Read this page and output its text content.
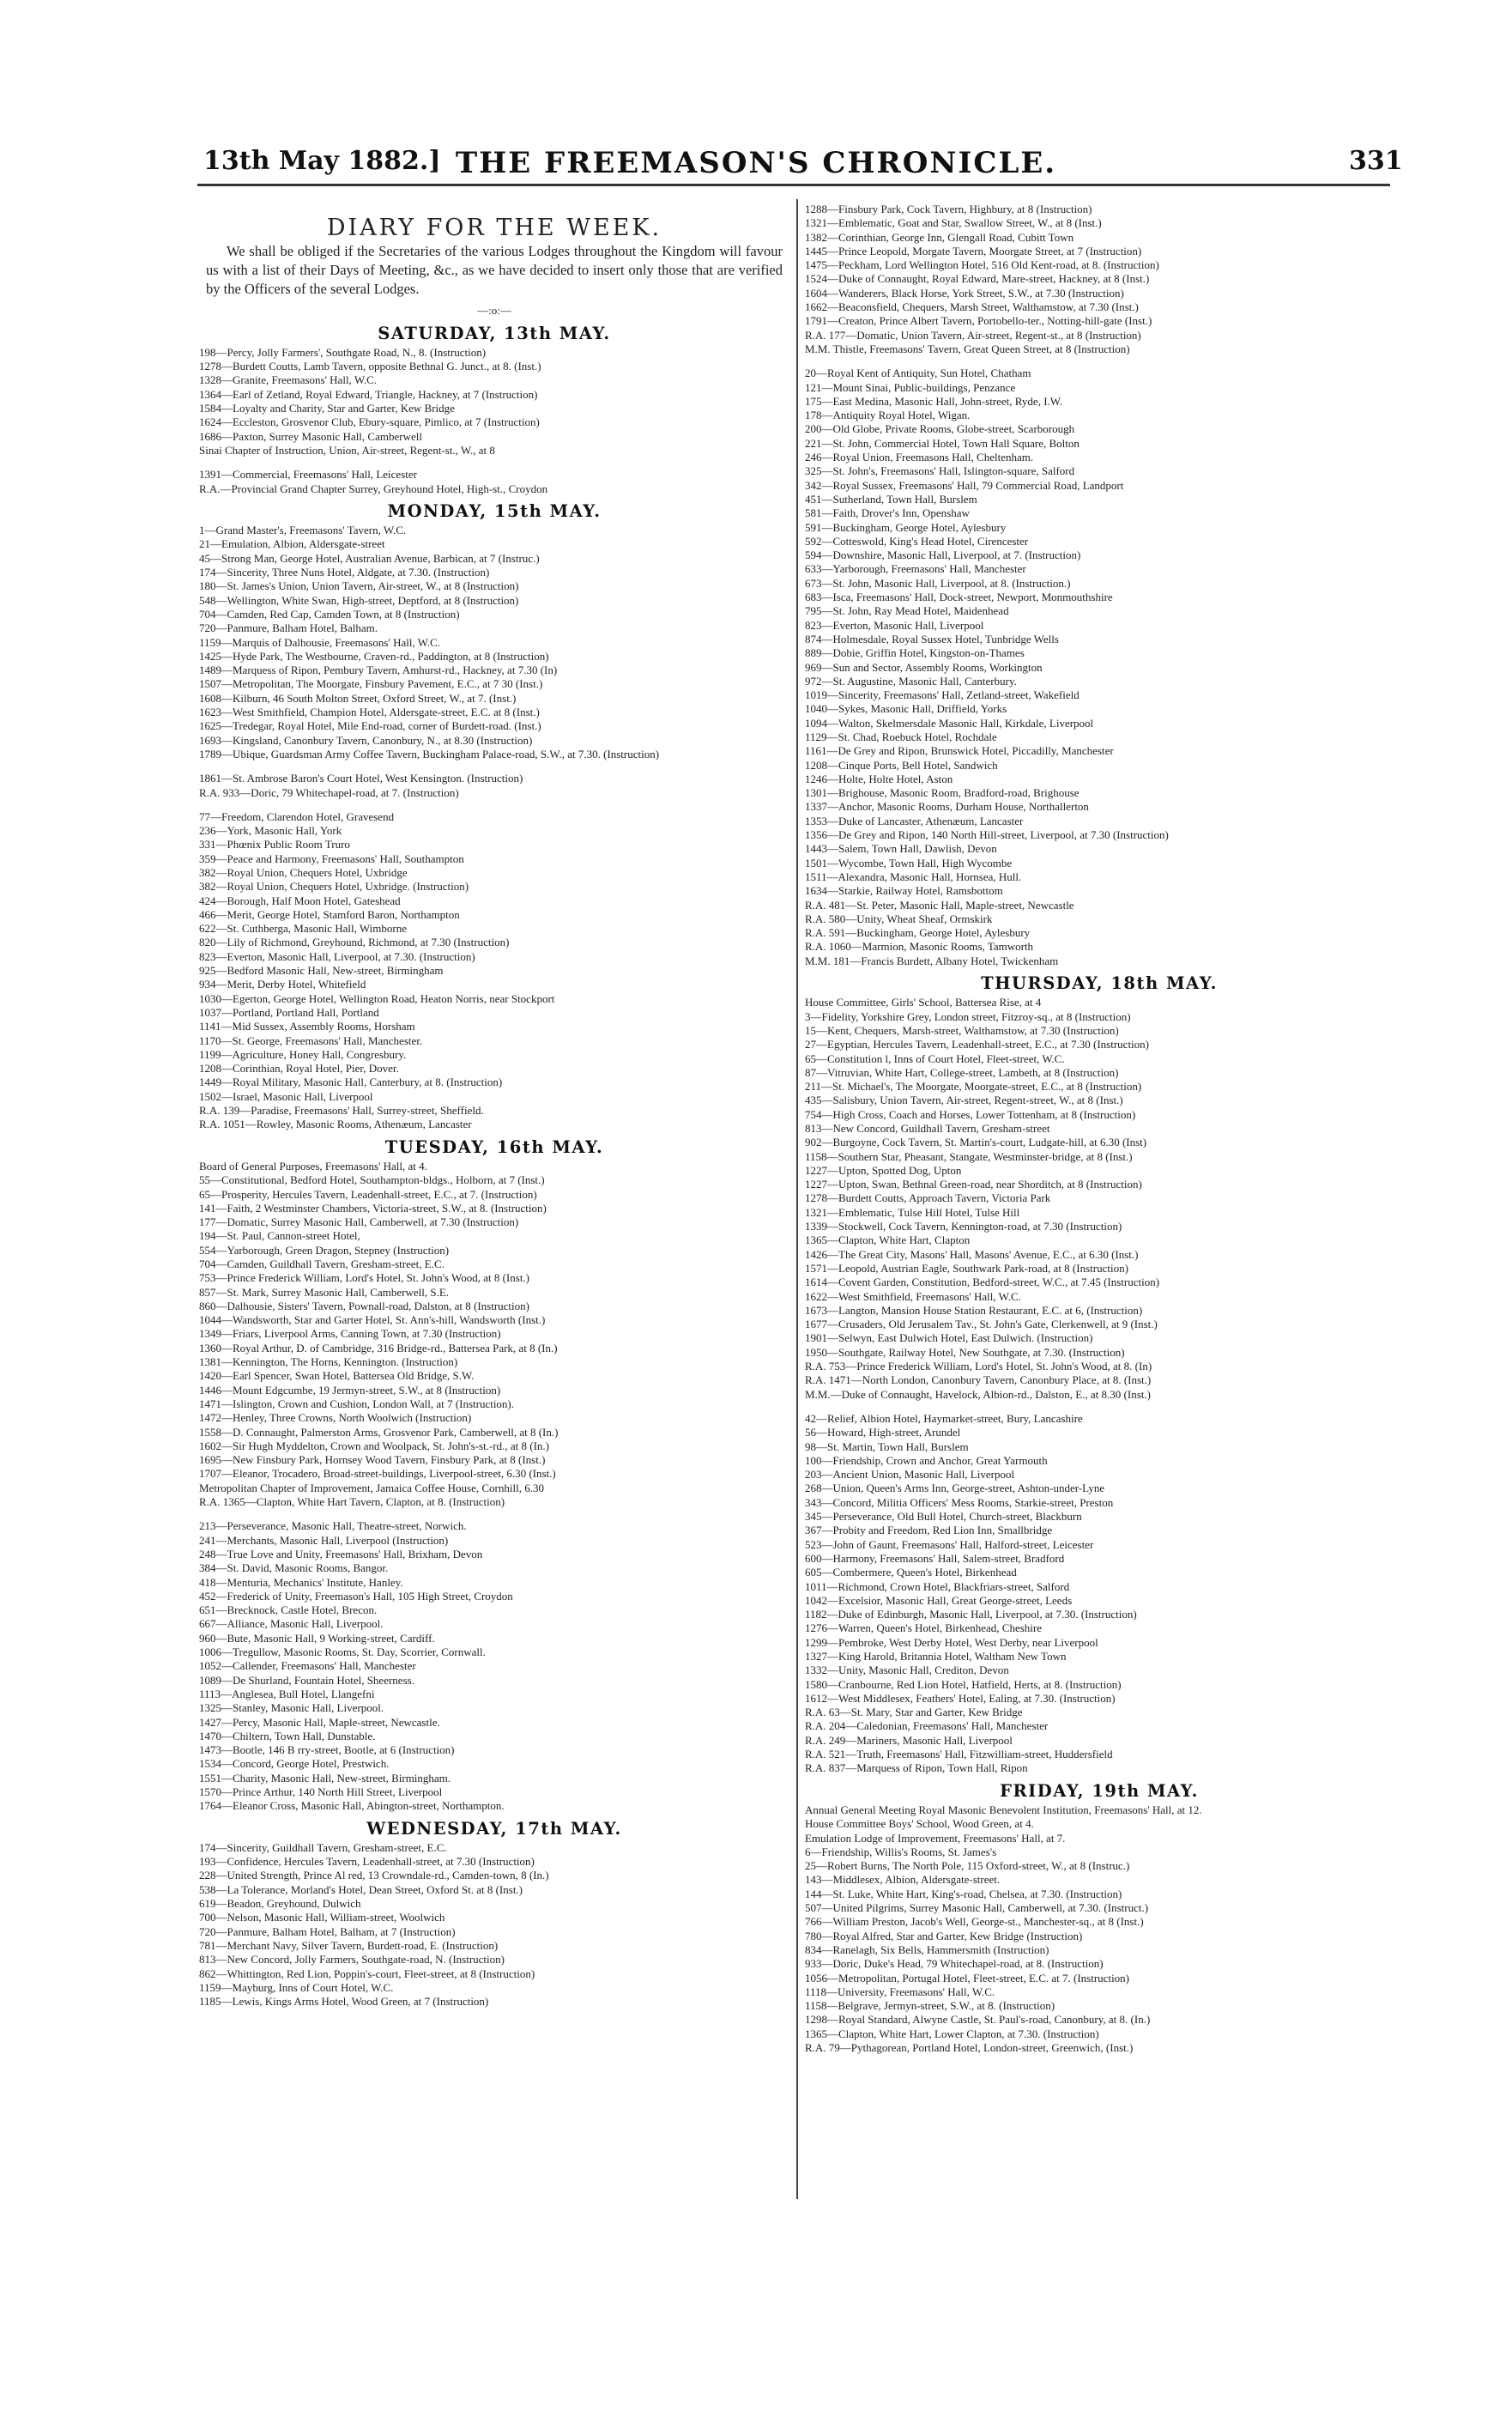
13th May 1882.] THE FREEMASON'S CHRONICLE.	331
DIARY FOR THE WEEK.
We shall be obliged if the Secretaries of the various Lodges throughout the Kingdom will favour us with a list of their Days of Meeting, &c., as we have decided to insert only those that are verified by the Officers of the several Lodges.
—:o:—
SATURDAY, 13th MAY.
198—Percy, Jolly Farmers', Southgate Road, N., 8. (Instruction)
1278—Burdett Coutts, Lamb Tavern, opposite Bethnal G. Junct., at 8. (Inst.)
1328—Granite, Freemasons' Hall, W.C.
1364—Earl of Zetland, Royal Edward, Triangle, Hackney, at 7 (Instruction)
1584—Loyalty and Charity, Star and Garter, Kew Bridge
1624—Eccleston, Grosvenor Club, Ebury-square, Pimlico, at 7 (Instruction)
1686—Paxton, Surrey Masonic Hall, Camberwell
Sinai Chapter of Instruction, Union, Air-street, Regent-st., W., at 8
1391—Commercial, Freemasons' Hall, Leicester
R.A.—Provincial Grand Chapter Surrey, Greyhound Hotel, High-st., Croydon
MONDAY, 15th MAY.
1—Grand Master's, Freemasons' Tavern, W.C.
21—Emulation, Albion, Aldersgate-street
45—Strong Man, George Hotel, Australian Avenue, Barbican, at 7 (Instruc.)
174—Sincerity, Three Nuns Hotel, Aldgate, at 7.30. (Instruction)
180—St. James's Union, Union Tavern, Air-street, W., at 8 (Instruction)
548—Wellington, White Swan, High-street, Deptford, at 8 (Instruction)
704—Camden, Red Cap, Camden Town, at 8 (Instruction)
720—Panmure, Balham Hotel, Balham.
1159—Marquis of Dalhousie, Freemasons' Hall, W.C.
1425—Hyde Park, The Westbourne, Craven-rd., Paddington, at 8 (Instruction)
1489—Marquess of Ripon, Pembury Tavern, Amhurst-rd., Hackney, at 7.30 (In)
1507—Metropolitan, The Moorgate, Finsbury Pavement, E.C., at 7 30 (Inst.)
1608—Kilburn, 46 South Molton Street, Oxford Street, W., at 7. (Inst.)
1623—West Smithfield, Champion Hotel, Aldersgate-street, E.C. at 8 (Inst.)
1625—Tredegar, Royal Hotel, Mile End-road, corner of Burdett-road. (Inst.)
1693—Kingsland, Canonbury Tavern, Canonbury, N., at 8.30 (Instruction)
1789—Ubique, Guardsman Army Coffee Tavern, Buckingham Palace-road, S.W., at 7.30. (Instruction)
1861—St. Ambrose Baron's Court Hotel, West Kensington. (Instruction)
R.A. 933—Doric, 79 Whitechapel-road, at 7. (Instruction)
77—Freedom, Clarendon Hotel, Gravesend
236—York, Masonic Hall, York
331—Phœnix Public Room Truro
359—Peace and Harmony, Freemasons' Hall, Southampton
382—Royal Union, Chequers Hotel, Uxbridge
382—Royal Union, Chequers Hotel, Uxbridge. (Instruction)
424—Borough, Half Moon Hotel, Gateshead
466—Merit, George Hotel, Stamford Baron, Northampton
622—St. Cuthberga, Masonic Hall, Wimborne
820—Lily of Richmond, Greyhound, Richmond, at 7.30 (Instruction)
823—Everton, Masonic Hall, Liverpool, at 7.30. (Instruction)
925—Bedford Masonic Hall, New-street, Birmingham
934—Merit, Derby Hotel, Whitefield
1030—Egerton, George Hotel, Wellington Road, Heaton Norris, near Stockport
1037—Portland, Portland Hall, Portland
1141—Mid Sussex, Assembly Rooms, Horsham
1170—St. George, Freemasons' Hall, Manchester.
1199—Agriculture, Honey Hall, Congresbury.
1208—Corinthian, Royal Hotel, Pier, Dover.
1449—Royal Military, Masonic Hall, Canterbury, at 8. (Instruction)
1502—Israel, Masonic Hall, Liverpool
R.A. 139—Paradise, Freemasons' Hall, Surrey-street, Sheffield.
R.A. 1051—Rowley, Masonic Rooms, Athenæum, Lancaster
TUESDAY, 16th MAY.
Board of General Purposes, Freemasons' Hall, at 4.
55—Constitutional, Bedford Hotel, Southampton-bldgs., Holborn, at 7 (Inst.)
65—Prosperity, Hercules Tavern, Leadenhall-street, E.C., at 7. (Instruction)
141—Faith, 2 Westminster Chambers, Victoria-street, S.W., at 8. (Instruction)
177—Domatic, Surrey Masonic Hall, Camberwell, at 7.30 (Instruction)
194—St. Paul, Cannon-street Hotel,
554—Yarborough, Green Dragon, Stepney (Instruction)
704—Camden, Guildhall Tavern, Gresham-street, E.C.
753—Prince Frederick William, Lord's Hotel, St. John's Wood, at 8 (Inst.)
857—St. Mark, Surrey Masonic Hall, Camberwell, S.E.
860—Dalhousie, Sisters' Tavern, Pownall-road, Dalston, at 8 (Instruction)
1044—Wandsworth, Star and Garter Hotel, St. Ann's-hill, Wandsworth (Inst.)
1349—Friars, Liverpool Arms, Canning Town, at 7.30 (Instruction)
1360—Royal Arthur, D. of Cambridge, 316 Bridge-rd., Battersea Park, at 8 (In.)
1381—Kennington, The Horns, Kennington. (Instruction)
1420—Earl Spencer, Swan Hotel, Battersea Old Bridge, S.W.
1446—Mount Edgcumbe, 19 Jermyn-street, S.W., at 8 (Instruction)
1471—Islington, Crown and Cushion, London Wall, at 7 (Instruction).
1472—Henley, Three Crowns, North Woolwich (Instruction)
1558—D. Connaught, Palmerston Arms, Grosvenor Park, Camberwell, at 8 (In.)
1602—Sir Hugh Myddelton, Crown and Woolpack, St. John's-st.-rd., at 8 (In.)
1695—New Finsbury Park, Hornsey Wood Tavern, Finsbury Park, at 8 (Inst.)
1707—Eleanor, Trocadero, Broad-street-buildings, Liverpool-street, 6.30 (Inst.)
Metropolitan Chapter of Improvement, Jamaica Coffee House, Cornhill, 6.30
R.A. 1365—Clapton, White Hart Tavern, Clapton, at 8. (Instruction)
213—Perseverance, Masonic Hall, Theatre-street, Norwich.
241—Merchants, Masonic Hall, Liverpool (Instruction)
248—True Love and Unity, Freemasons' Hall, Brixham, Devon
384—St. David, Masonic Rooms, Bangor.
418—Menturia, Mechanics' Institute, Hanley.
452—Frederick of Unity, Freemason's Hall, 105 High Street, Croydon
651—Brecknock, Castle Hotel, Brecon.
667—Alliance, Masonic Hall, Liverpool.
960—Bute, Masonic Hall, 9 Working-street, Cardiff.
1006—Tregullow, Masonic Rooms, St. Day, Scorrier, Cornwall.
1052—Callender, Freemasons' Hall, Manchester
1089—De Shurland, Fountain Hotel, Sheerness.
1113—Anglesea, Bull Hotel, Llangefni
1325—Stanley, Masonic Hall, Liverpool.
1427—Percy, Masonic Hall, Maple-street, Newcastle.
1470—Chiltern, Town Hall, Dunstable.
1473—Bootle, 146 B rry-street, Bootle, at 6 (Instruction)
1534—Concord, George Hotel, Prestwich.
1551—Charity, Masonic Hall, New-street, Birmingham.
1570—Prince Arthur, 140 North Hill Street, Liverpool
1764—Eleanor Cross, Masonic Hall, Abington-street, Northampton.
WEDNESDAY, 17th MAY.
174—Sincerity, Guildhall Tavern, Gresham-street, E.C.
193—Confidence, Hercules Tavern, Leadenhall-street, at 7.30 (Instruction)
228—United Strength, Prince Al red, 13 Crowndale-rd., Camden-town, 8 (In.)
538—La Tolerance, Morland's Hotel, Dean Street, Oxford St. at 8 (Inst.)
619—Beadon, Greyhound, Dulwich
700—Nelson, Masonic Hall, William-street, Woolwich
720—Panmure, Balham Hotel, Balham, at 7 (Instruction)
781—Merchant Navy, Silver Tavern, Burdett-road, E. (Instruction)
813—New Concord, Jolly Farmers, Southgate-road, N. (Instruction)
862—Whittington, Red Lion, Poppin's-court, Fleet-street, at 8 (Instruction)
1159—Mayburg, Inns of Court Hotel, W.C.
1185—Lewis, Kings Arms Hotel, Wood Green, at 7 (Instruction)
1288—Finsbury Park, Cock Tavern, Highbury, at 8 (Instruction)
1321—Emblematic, Goat and Star, Swallow Street, W., at 8 (Inst.)
1382—Corinthian, George Inn, Glengall Road, Cubitt Town
1445—Prince Leopold, Morgate Tavern, Moorgate Street, at 7 (Instruction)
1475—Peckham, Lord Wellington Hotel, 516 Old Kent-road, at 8. (Instruction)
1524—Duke of Connaught, Royal Edward, Mare-street, Hackney, at 8 (Inst.)
1604—Wanderers, Black Horse, York Street, S.W., at 7.30 (Instruction)
1662—Beaconsfield, Chequers, Marsh Street, Walthamstow, at 7.30 (Inst.)
1791—Creaton, Prince Albert Tavern, Portobello-ter., Notting-hill-gate (Inst.)
R.A. 177—Domatic, Union Tavern, Air-street, Regent-st., at 8 (Instruction)
M.M. Thistle, Freemasons' Tavern, Great Queen Street, at 8 (Instruction)
20—Royal Kent of Antiquity, Sun Hotel, Chatham
121—Mount Sinai, Public-buildings, Penzance
175—East Medina, Masonic Hall, John-street, Ryde, I.W.
178—Antiquity Royal Hotel, Wigan.
200—Old Globe, Private Rooms, Globe-street, Scarborough
221—St. John, Commercial Hotel, Town Hall Square, Bolton
246—Royal Union, Freemasons Hall, Cheltenham.
325—St. John's, Freemasons' Hall, Islington-square, Salford
342—Royal Sussex, Freemasons' Hall, 79 Commercial Road, Landport
451—Sutherland, Town Hall, Burslem
581—Faith, Drover's Inn, Openshaw
591—Buckingham, George Hotel, Aylesbury
592—Cotteswold, King's Head Hotel, Cirencester
594—Downshire, Masonic Hall, Liverpool, at 7. (Instruction)
633—Yarborough, Freemasons' Hall, Manchester
673—St. John, Masonic Hall, Liverpool, at 8. (Instruction.)
683—Isca, Freemasons' Hall, Dock-street, Newport, Monmouthshire
795—St. John, Ray Mead Hotel, Maidenhead
823—Everton, Masonic Hall, Liverpool
874—Holmesdale, Royal Sussex Hotel, Tunbridge Wells
889—Dobie, Griffin Hotel, Kingston-on-Thames
969—Sun and Sector, Assembly Rooms, Workington
972—St. Augustine, Masonic Hall, Canterbury.
1019—Sincerity, Freemasons' Hall, Zetland-street, Wakefield
1040—Sykes, Masonic Hall, Driffield, Yorks
1094—Walton, Skelmersdale Masonic Hall, Kirkdale, Liverpool
1129—St. Chad, Roebuck Hotel, Rochdale
1161—De Grey and Ripon, Brunswick Hotel, Piccadilly, Manchester
1208—Cinque Ports, Bell Hotel, Sandwich
1246—Holte, Holte Hotel, Aston
1301—Brighouse, Masonic Room, Bradford-road, Brighouse
1337—Anchor, Masonic Rooms, Durham House, Northallerton
1353—Duke of Lancaster, Athenæum, Lancaster
1356—De Grey and Ripon, 140 North Hill-street, Liverpool, at 7.30 (Instruction)
1443—Salem, Town Hall, Dawlish, Devon
1501—Wycombe, Town Hall, High Wycombe
1511—Alexandra, Masonic Hall, Hornsea, Hull.
1634—Starkie, Railway Hotel, Ramsbottom
R.A. 481—St. Peter, Masonic Hall, Maple-street, Newcastle
R.A. 580—Unity, Wheat Sheaf, Ormskirk
R.A. 591—Buckingham, George Hotel, Aylesbury
R.A. 1060—Marmion, Masonic Rooms, Tamworth
M.M. 181—Francis Burdett, Albany Hotel, Twickenham
THURSDAY, 18th MAY.
House Committee, Girls' School, Battersea Rise, at 4
3—Fidelity, Yorkshire Grey, London street, Fitzroy-sq., at 8 (Instruction)
15—Kent, Chequers, Marsh-street, Walthamstow, at 7.30 (Instruction)
27—Egyptian, Hercules Tavern, Leadenhall-street, E.C., at 7.30 (Instruction)
65—Constitution l, Inns of Court Hotel, Fleet-street, W.C.
87—Vitruvian, White Hart, College-street, Lambeth, at 8 (Instruction)
211—St. Michael's, The Moorgate, Moorgate-street, E.C., at 8 (Instruction)
435—Salisbury, Union Tavern, Air-street, Regent-street, W., at 8 (Inst.)
754—High Cross, Coach and Horses, Lower Tottenham, at 8 (Instruction)
813—New Concord, Guildhall Tavern, Gresham-street
902—Burgoyne, Cock Tavern, St. Martin's-court, Ludgate-hill, at 6.30 (Inst)
1158—Southern Star, Pheasant, Stangate, Westminster-bridge, at 8 (Inst.)
1227—Upton, Spotted Dog, Upton
1227—Upton, Swan, Bethnal Green-road, near Shorditch, at 8 (Instruction)
1278—Burdett Coutts, Approach Tavern, Victoria Park
1321—Emblematic, Tulse Hill Hotel, Tulse Hill
1339—Stockwell, Cock Tavern, Kennington-road, at 7.30 (Instruction)
1365—Clapton, White Hart, Clapton
1426—The Great City, Masons' Hall, Masons' Avenue, E.C., at 6.30 (Inst.)
1571—Leopold, Austrian Eagle, Southwark Park-road, at 8 (Instruction)
1614—Covent Garden, Constitution, Bedford-street, W.C., at 7.45 (Instruction)
1622—West Smithfield, Freemasons' Hall, W.C.
1673—Langton, Mansion House Station Restaurant, E.C. at 6, (Instruction)
1677—Crusaders, Old Jerusalem Tav., St. John's Gate, Clerkenwell, at 9 (Inst.)
1901—Selwyn, East Dulwich Hotel, East Dulwich. (Instruction)
1950—Southgate, Railway Hotel, New Southgate, at 7.30. (Instruction)
R.A. 753—Prince Frederick William, Lord's Hotel, St. John's Wood, at 8. (In)
R.A. 1471—North London, Canonbury Tavern, Canonbury Place, at 8. (Inst.)
M.M.—Duke of Connaught, Havelock, Albion-rd., Dalston, E., at 8.30 (Inst.)
42—Relief, Albion Hotel, Haymarket-street, Bury, Lancashire
56—Howard, High-street, Arundel
98—St. Martin, Town Hall, Burslem
100—Friendship, Crown and Anchor, Great Yarmouth
203—Ancient Union, Masonic Hall, Liverpool
268—Union, Queen's Arms Inn, George-street, Ashton-under-Lyne
343—Concord, Militia Officers' Mess Rooms, Starkie-street, Preston
345—Perseverance, Old Bull Hotel, Church-street, Blackburn
367—Probity and Freedom, Red Lion Inn, Smallbridge
523—John of Gaunt, Freemasons' Hall, Halford-street, Leicester
600—Harmony, Freemasons' Hall, Salem-street, Bradford
605—Combermere, Queen's Hotel, Birkenhead
1011—Richmond, Crown Hotel, Blackfriars-street, Salford
1042—Excelsior, Masonic Hall, Great George-street, Leeds
1182—Duke of Edinburgh, Masonic Hall, Liverpool, at 7.30. (Instruction)
1276—Warren, Queen's Hotel, Birkenhead, Cheshire
1299—Pembroke, West Derby Hotel, West Derby, near Liverpool
1327—King Harold, Britannia Hotel, Waltham New Town
1332—Unity, Masonic Hall, Crediton, Devon
1580—Cranbourne, Red Lion Hotel, Hatfield, Herts, at 8. (Instruction)
1612—West Middlesex, Feathers' Hotel, Ealing, at 7.30. (Instruction)
R.A. 63—St. Mary, Star and Garter, Kew Bridge
R.A. 204—Caledonian, Freemasons' Hall, Manchester
R.A. 249—Mariners, Masonic Hall, Liverpool
R.A. 521—Truth, Freemasons' Hall, Fitzwilliam-street, Huddersfield
R.A. 837—Marquess of Ripon, Town Hall, Ripon
FRIDAY, 19th MAY.
Annual General Meeting Royal Masonic Benevolent Institution, Freemasons' Hall, at 12.
House Committee Boys' School, Wood Green, at 4.
Emulation Lodge of Improvement, Freemasons' Hall, at 7.
6—Friendship, Willis's Rooms, St. James's
25—Robert Burns, The North Pole, 115 Oxford-street, W., at 8 (Instruc.)
143—Middlesex, Albion, Aldersgate-street.
144—St. Luke, White Hart, King's-road, Chelsea, at 7.30. (Instruction)
507—United Pilgrims, Surrey Masonic Hall, Camberwell, at 7.30. (Instruct.)
766—William Preston, Jacob's Well, George-st., Manchester-sq., at 8 (Inst.)
780—Royal Alfred, Star and Garter, Kew Bridge (Instruction)
834—Ranelagh, Six Bells, Hammersmith (Instruction)
933—Doric, Duke's Head, 79 Whitechapel-road, at 8. (Instruction)
1056—Metropolitan, Portugal Hotel, Fleet-street, E.C. at 7. (Instruction)
1118—University, Freemasons' Hall, W.C.
1158—Belgrave, Jermyn-street, S.W., at 8. (Instruction)
1298—Royal Standard, Alwyne Castle, St. Paul's-road, Canonbury, at 8. (In.)
1365—Clapton, White Hart, Lower Clapton, at 7.30. (Instruction)
R.A. 79—Pythagorean, Portland Hotel, London-street, Greenwich, (Inst.)
